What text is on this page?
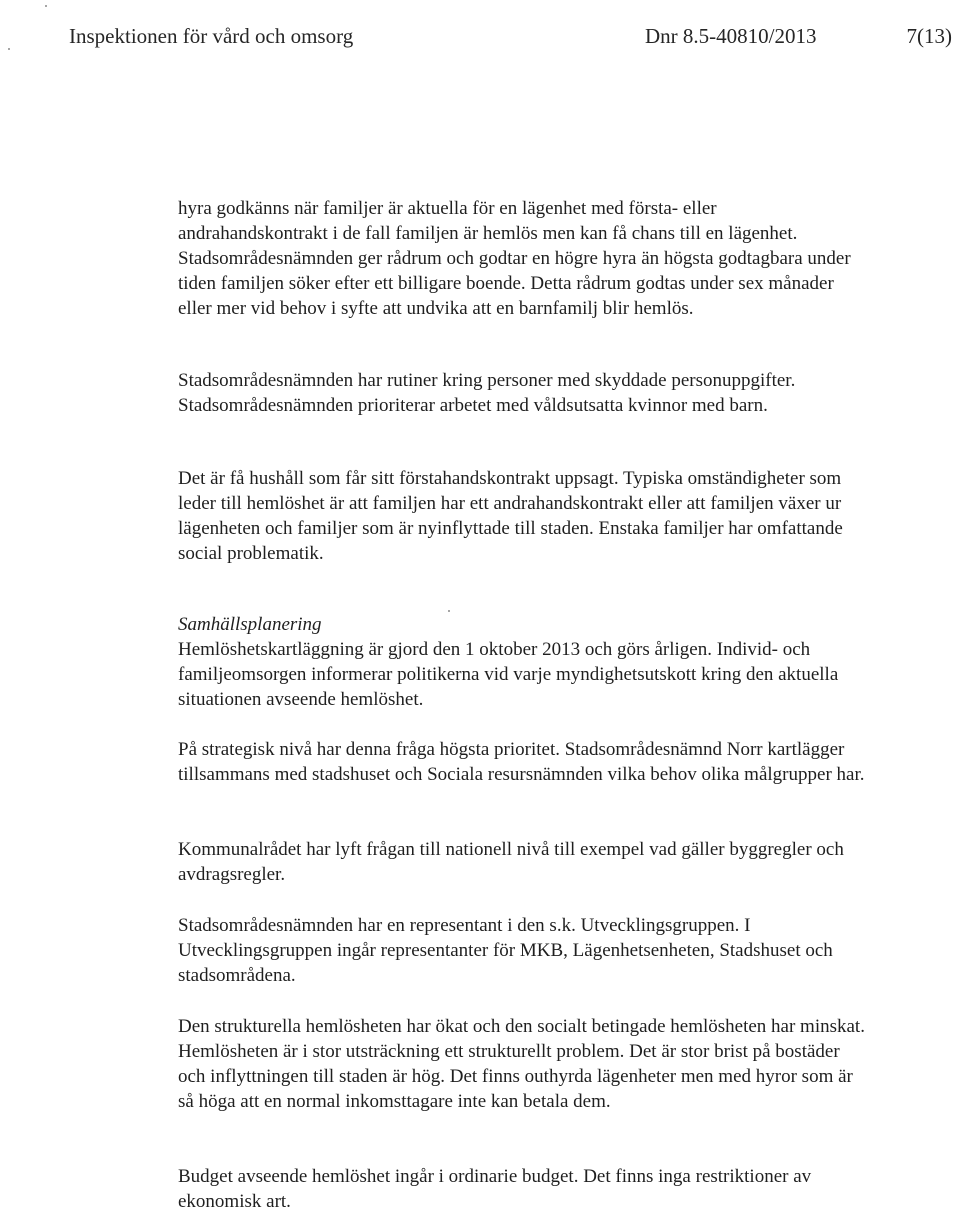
Inspektionen för vård och omsorg	Dnr 8.5-40810/2013	7(13)

hyra godkänns när familjer är aktuella för en lägenhet med första- eller andrahandskontrakt i de fall familjen är hemlös men kan få chans till en lägenhet. Stadsområdesnämnden ger rådrum och godtar en högre hyra än högsta godtagbara under tiden familjen söker efter ett billigare boende. Detta rådrum godtas under sex månader eller mer vid behov i syfte att undvika att en barnfamilj blir hemlös.

Stadsområdesnämnden har rutiner kring personer med skyddade personuppgifter. Stadsområdesnämnden prioriterar arbetet med våldsutsatta kvinnor med barn.

Det är få hushåll som får sitt förstahandskontrakt uppsagt. Typiska omständigheter som leder till hemlöshet är att familjen har ett andrahandskontrakt eller att familjen växer ur lägenheten och familjer som är nyinflyttade till staden. Enstaka familjer har omfattande social problematik.

Samhällsplanering

Hemlöshetskartläggning är gjord den 1 oktober 2013 och görs årligen. Individ- och familjeomsorgen informerar politikerna vid varje myndighetsutskott kring den aktuella situationen avseende hemlöshet.

På strategisk nivå har denna fråga högsta prioritet. Stadsområdesnämnd Norr kartlägger tillsammans med stadshuset och Sociala resursnämnden vilka behov olika målgrupper har.

Kommunalrådet har lyft frågan till nationell nivå till exempel vad gäller byggregler och avdragsregler.

Stadsområdesnämnden har en representant i den s.k. Utvecklingsgruppen. I Utvecklingsgruppen ingår representanter för MKB, Lägenhetsenheten, Stadshuset och stadsområdena.

Den strukturella hemlösheten har ökat och den socialt betingade hemlösheten har minskat. Hemlösheten är i stor utsträckning ett strukturellt problem. Det är stor brist på bostäder och inflyttningen till staden är hög. Det finns outhyrda lägenheter men med hyror som är så höga att en normal inkomsttagare inte kan betala dem.

Budget avseende hemlöshet ingår i ordinarie budget. Det finns inga restriktioner av ekonomisk art.
